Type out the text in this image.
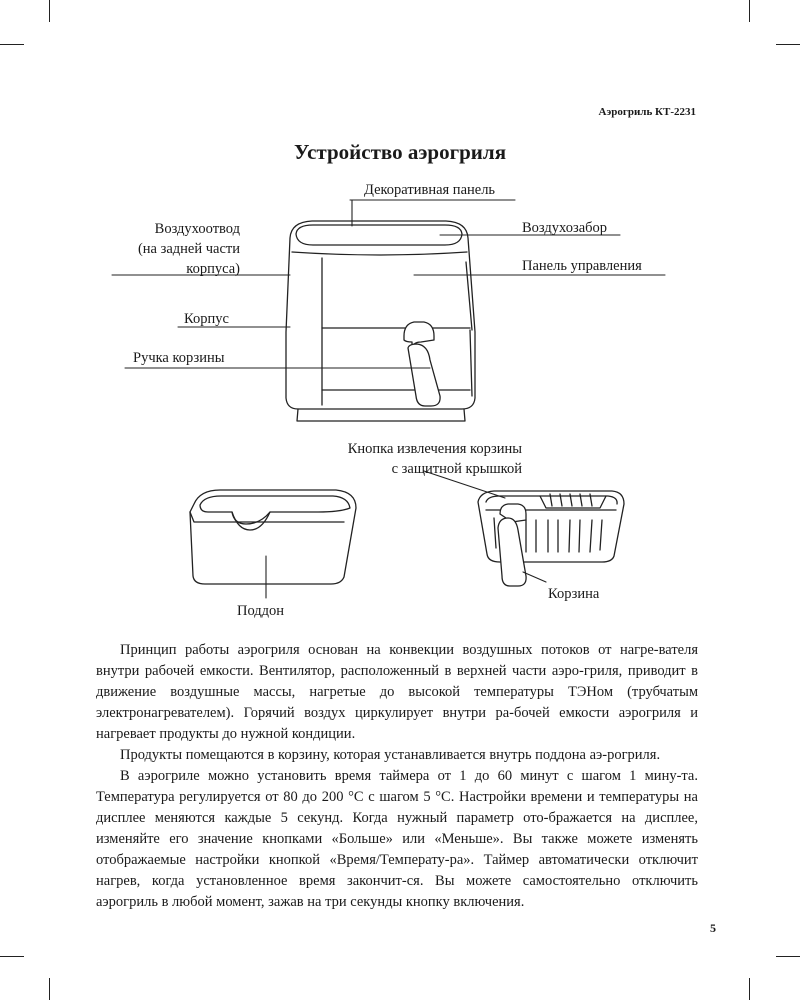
Аэрогриль КТ-2231
Устройство аэрогриля
Декоративная панель
Воздухоотвод
(на задней части
корпуса)
Воздухозабор
Панель управления
Корпус
Ручка корзины
Кнопка извлечения корзины
с защитной крышкой
Корзина
Поддон

Принцип работы аэрогриля основан на конвекции воздушных потоков от нагре-вателя внутри рабочей емкости. Вентилятор, расположенный в верхней части аэро-гриля, приводит в движение воздушные массы, нагретые до высокой температуры ТЭНом (трубчатым электронагревателем). Горячий воздух циркулирует внутри ра-бочей емкости аэрогриля и нагревает продукты до нужной кондиции.

Продукты помещаются в корзину, которая устанавливается внутрь поддона аэ-рогриля.

В аэрогриле можно установить время таймера от 1 до 60 минут с шагом 1 мину-та. Температура регулируется от 80 до 200 °C с шагом 5 °C. Настройки времени и температуры на дисплее меняются каждые 5 секунд. Когда нужный параметр ото-бражается на дисплее, изменяйте его значение кнопками «Больше» или «Меньше». Вы также можете изменять отображаемые настройки кнопкой «Время/Температу-ра». Таймер автоматически отключит нагрев, когда установленное время закончит-ся. Вы можете самостоятельно отключить аэрогриль в любой момент, зажав на три секунды кнопку включения.

5
